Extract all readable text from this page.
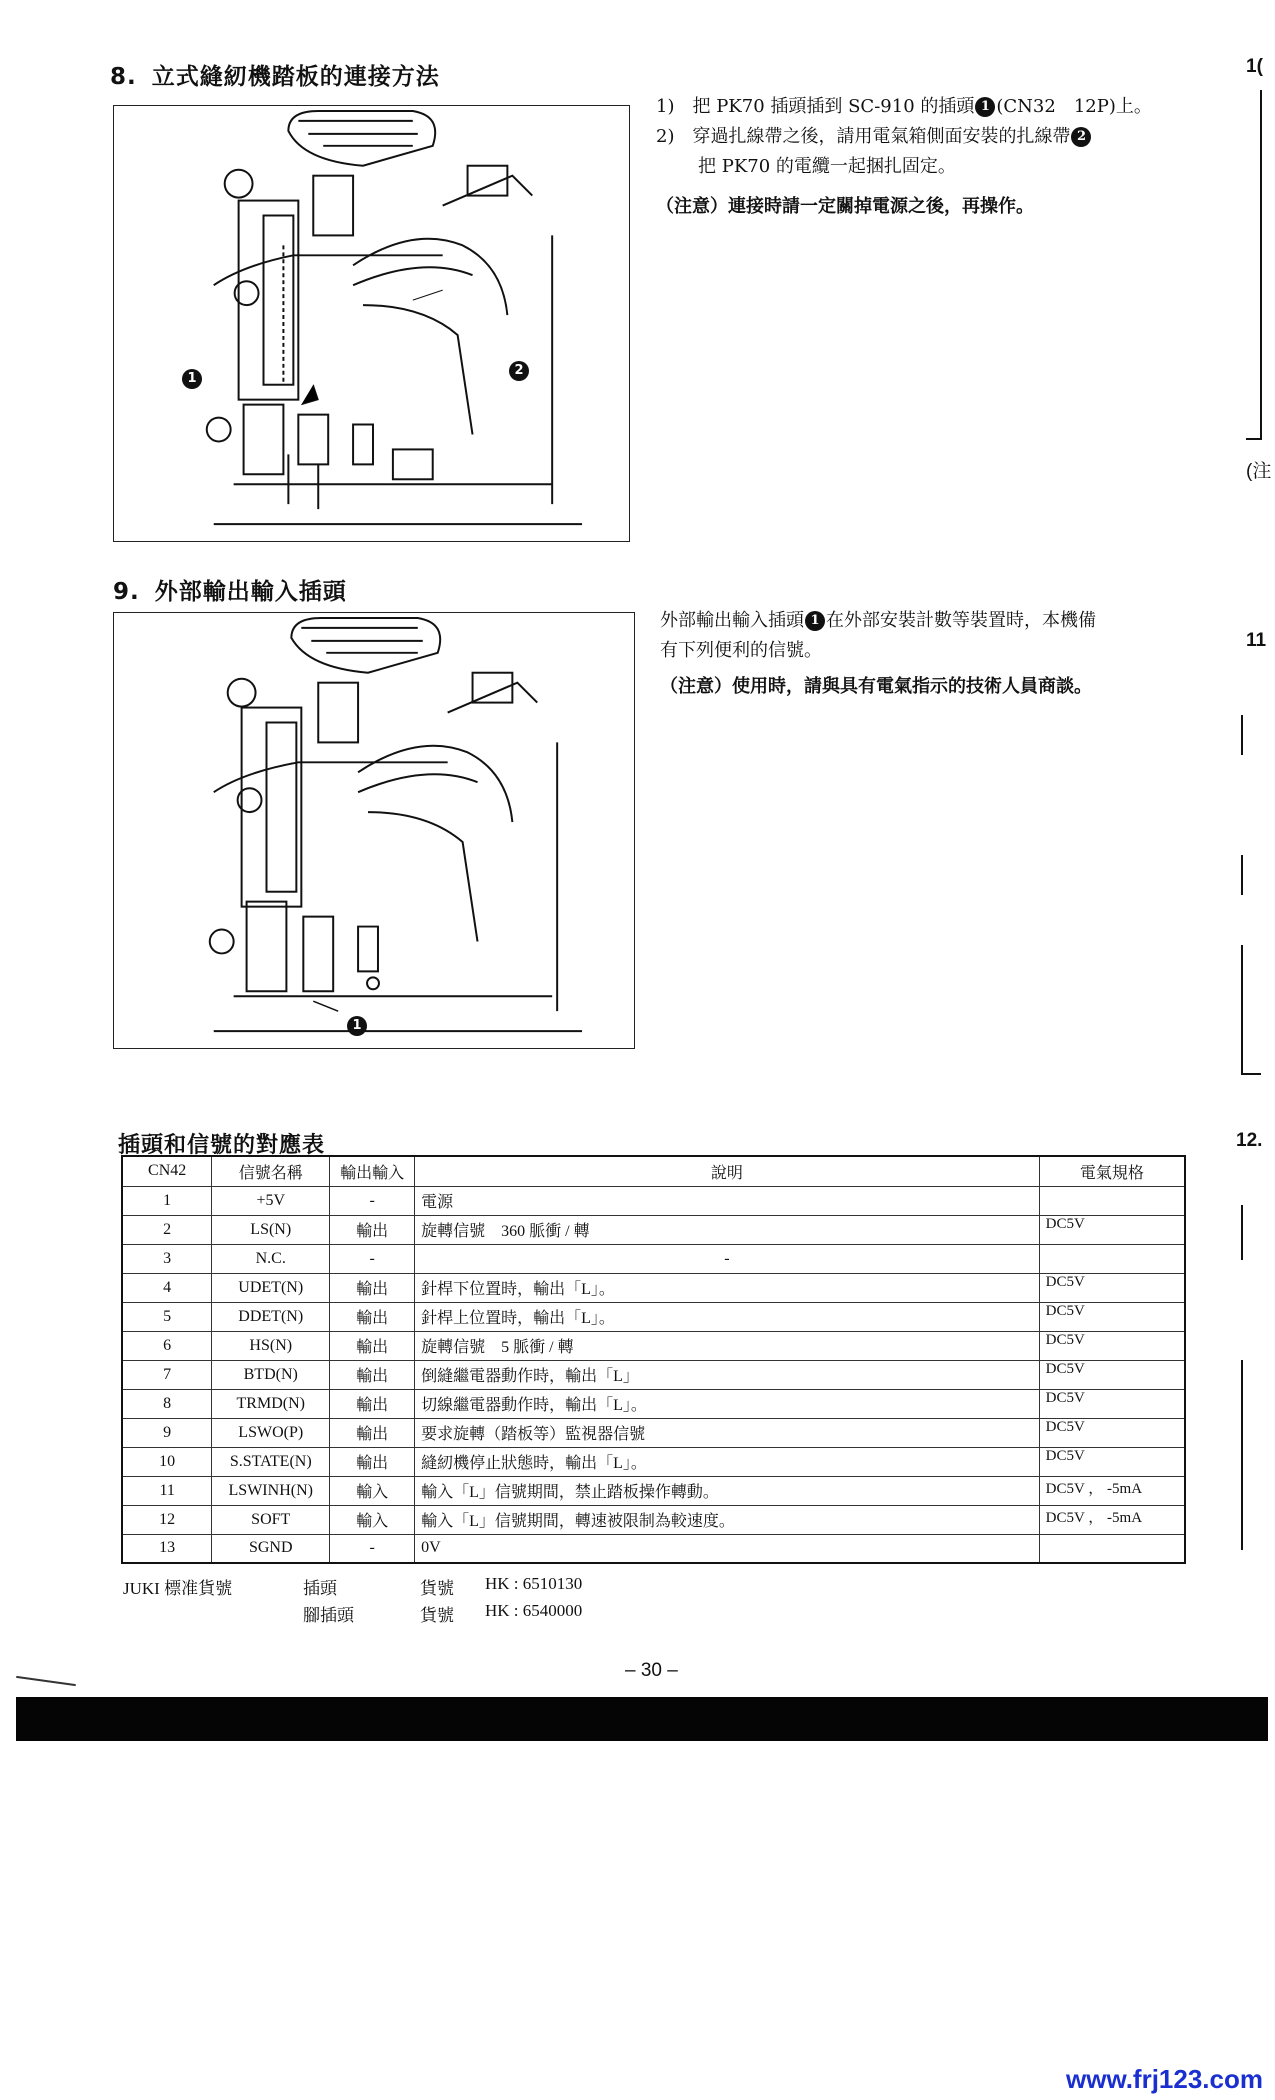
8. 立式縫紉機踏板的連接方法
1
2
1)　把 PK70 插頭插到 SC-910 的插頭 1 (CN32　12P)上。
2)　穿過扎線帶之後，請用電氣箱側面安裝的扎線帶 2
把 PK70 的電纜一起捆扎固定。
（注意）連接時請一定關掉電源之後，再操作。
9. 外部輸出輸入插頭
1
外部輸出輸入插頭 1 在外部安裝計數等裝置時，本機備
有下列便利的信號。
（注意）使用時，請與具有電氣指示的技術人員商談。
插頭和信號的對應表
CN42	信號名稱	輸出輸入	說明	電氣規格
1	+5V	-	電源	
2	LS(N)	輸出	旋轉信號　360 脈衝 / 轉	DC5V
3	N.C.	-	-	
4	UDET(N)	輸出	針桿下位置時，輸出「L」。	DC5V
5	DDET(N)	輸出	針桿上位置時，輸出「L」。	DC5V
6	HS(N)	輸出	旋轉信號　5 脈衝 / 轉	DC5V
7	BTD(N)	輸出	倒縫繼電器動作時，輸出「L」	DC5V
8	TRMD(N)	輸出	切線繼電器動作時，輸出「L」。	DC5V
9	LSWO(P)	輸出	要求旋轉（踏板等）監視器信號	DC5V
10	S.STATE(N)	輸出	縫紉機停止狀態時，輸出「L」。	DC5V
11	LSWINH(N)	輸入	輸入「L」信號期間，禁止踏板操作轉動。	DC5V ， -5mA
12	SOFT	輸入	輸入「L」信號期間，轉速被限制為較速度。	DC5V ， -5mA
13	SGND	-	0V	
JUKI 標准貨號	插頭	貨號 HK : 6510130
腳插頭	貨號 HK : 6540000
– 30 –
1(
(注
11
12.
www.frj123.com
